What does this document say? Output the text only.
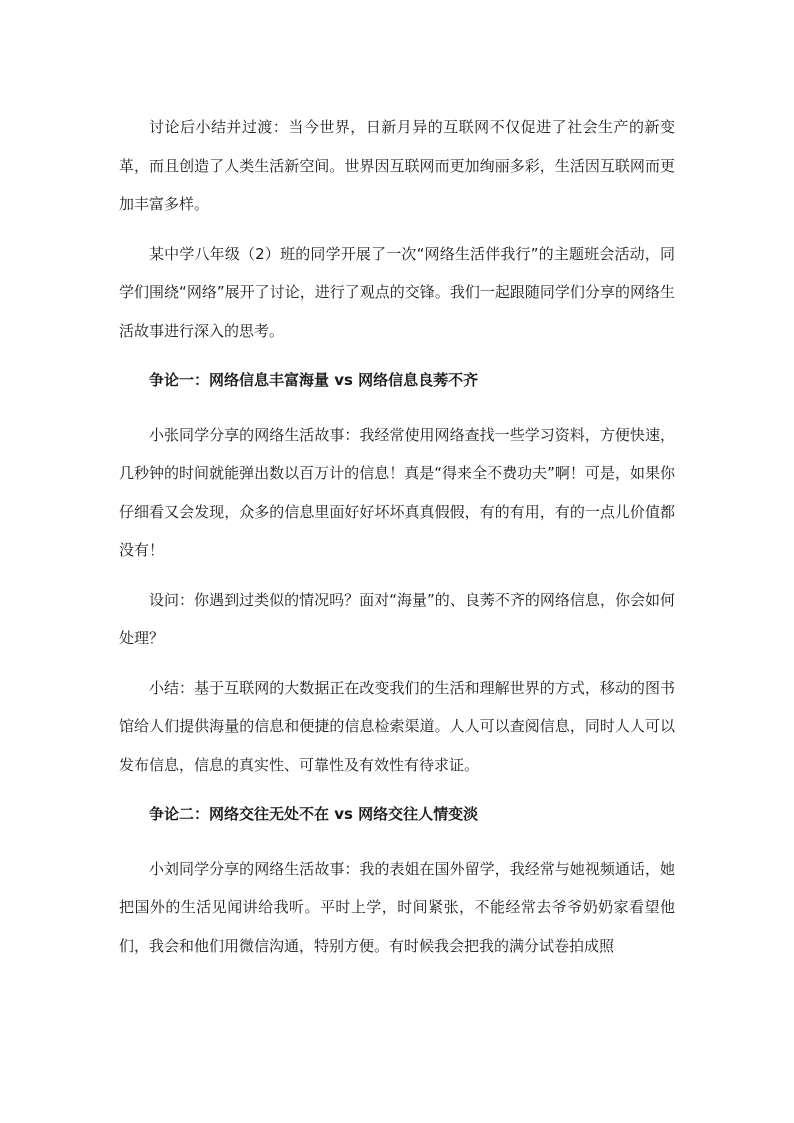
讨论后小结并过渡：当今世界，日新月异的互联网不仅促进了社会生产的新变革，而且创造了人类生活新空间。世界因互联网而更加绚丽多彩，生活因互联网而更加丰富多样。

某中学八年级（2）班的同学开展了一次“网络生活伴我行”的主题班会活动，同学们围绕“网络”展开了讨论，进行了观点的交锋。我们一起跟随同学们分享的网络生活故事进行深入的思考。

争论一：网络信息丰富海量 vs 网络信息良莠不齐

小张同学分享的网络生活故事：我经常使用网络查找一些学习资料，方便快速，几秒钟的时间就能弹出数以百万计的信息！真是“得来全不费功夫”啊！可是，如果你仔细看又会发现，众多的信息里面好好坏坏真真假假，有的有用，有的一点儿价值都没有！

设问：你遇到过类似的情况吗？面对“海量”的、良莠不齐的网络信息，你会如何处理？

小结：基于互联网的大数据正在改变我们的生活和理解世界的方式，移动的图书馆给人们提供海量的信息和便捷的信息检索渠道。人人可以查阅信息，同时人人可以发布信息，信息的真实性、可靠性及有效性有待求证。

争论二：网络交往无处不在 vs 网络交往人情变淡

小刘同学分享的网络生活故事：我的表姐在国外留学，我经常与她视频通话，她把国外的生活见闻讲给我听。平时上学，时间紧张，不能经常去爷爷奶奶家看望他们，我会和他们用微信沟通，特别方便。有时候我会把我的满分试卷拍成照
